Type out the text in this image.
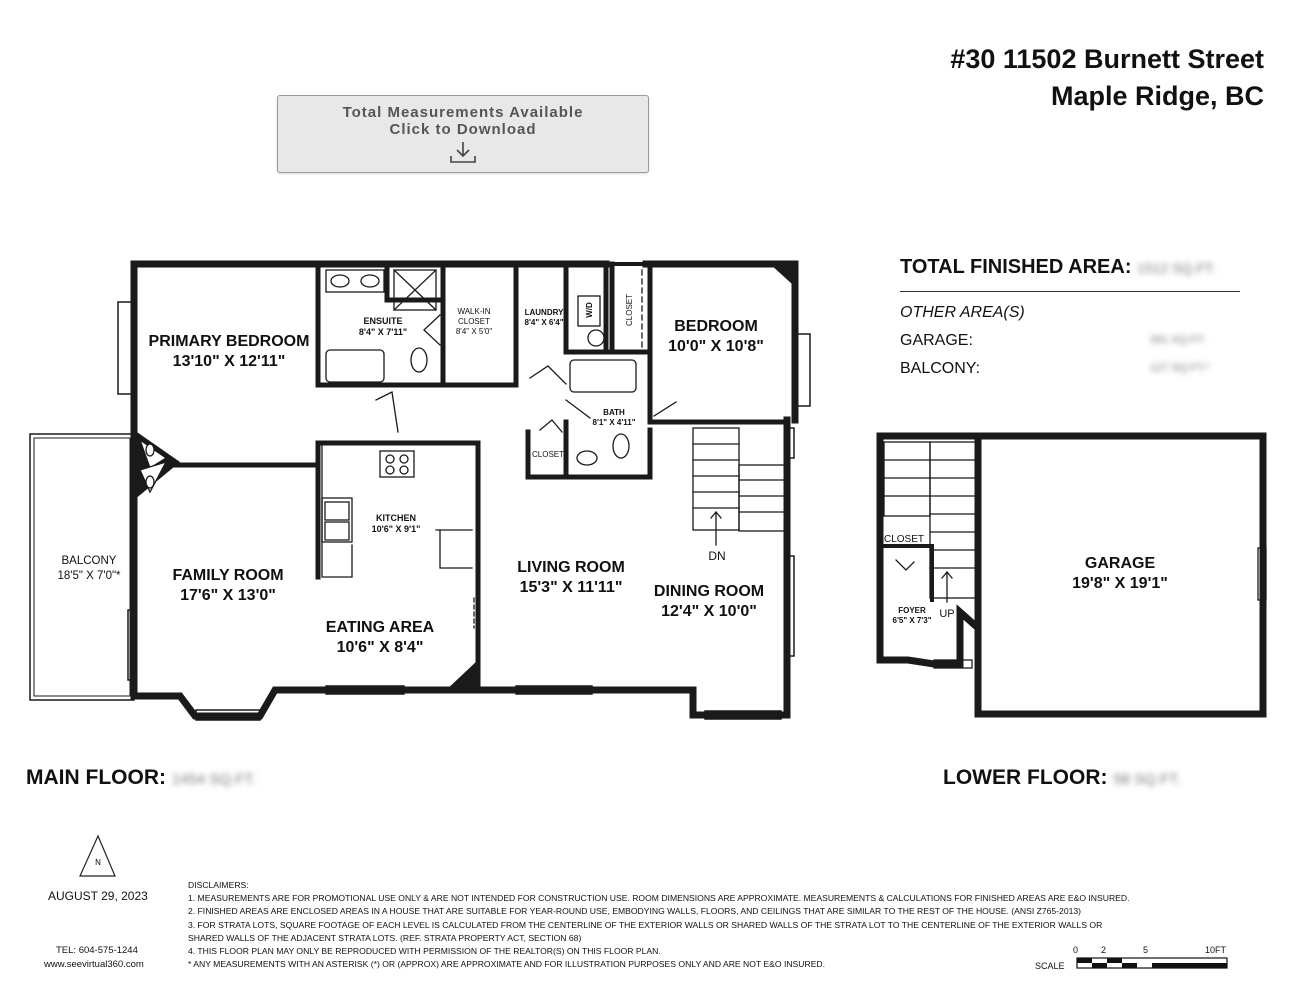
#30 11502 Burnett Street
Maple Ridge, BC
Total Measurements Available
Click to Download
N
PRIMARY BEDROOM
13'10" X 12'11"
ENSUITE
8'4" X 7'11"
WALK-IN CLOSET
8'4" X 5'0"
LAUNDRY
8'4" X 6'4"
W/D	CLOSET
BEDROOM
10'0" X 10'8"
BATH
8'1" X 4'11"
CLOSET
KITCHEN
10'6" X 9'1"
BALCONY
18'5" X 7'0"*	FAMILY ROOM
17'6" X 13'0"
EATING AREA
10'6" X 8'4"
LIVING ROOM
15'3" X 11'11" DINING ROOM
12'4" X 10'0"
DN	GARAGE
19'8" X 19'1"
CLOSET
FOYER
6'5" X 7'3"
UP
TOTAL FINISHED AREA: 1512 SQ.FT.
OTHER AREA(S)
GARAGE:	391 SQ.FT.
BALCONY:	127 SQ.FT.*
MAIN FLOOR: 1454 SQ.FT.	LOWER FLOOR: 58 SQ.FT.
AUGUST 29, 2023
TEL: 604-575-1244
www.seevirtual360.com
DISCLAIMERS:
1. MEASUREMENTS ARE FOR PROMOTIONAL USE ONLY & ARE NOT INTENDED FOR CONSTRUCTION USE. ROOM DIMENSIONS ARE APPROXIMATE. MEASUREMENTS & CALCULATIONS FOR FINISHED AREAS ARE E&O INSURED.
2. FINISHED AREAS ARE ENCLOSED AREAS IN A HOUSE THAT ARE SUITABLE FOR YEAR-ROUND USE, EMBODYING WALLS, FLOORS, AND CEILINGS THAT ARE SIMILAR TO THE REST OF THE HOUSE. (ANSI Z765-2013)
3. FOR STRATA LOTS, SQUARE FOOTAGE OF EACH LEVEL IS CALCULATED FROM THE CENTERLINE OF THE EXTERIOR WALLS OR SHARED WALLS OF THE STRATA LOT TO THE CENTERLINE OF THE EXTERIOR WALLS OR
SHARED WALLS OF THE ADJACENT STRATA LOTS. (REF. STRATA PROPERTY ACT, SECTION 68)
4. THIS FLOOR PLAN MAY ONLY BE REPRODUCED WITH PERMISSION OF THE REALTOR(S) ON THIS FLOOR PLAN.
* ANY MEASUREMENTS WITH AN ASTERISK (*) OR (APPROX) ARE APPROXIMATE AND FOR ILLUSTRATION PURPOSES ONLY AND ARE NOT E&O INSURED.	SCALE
0	2	5	10FT
